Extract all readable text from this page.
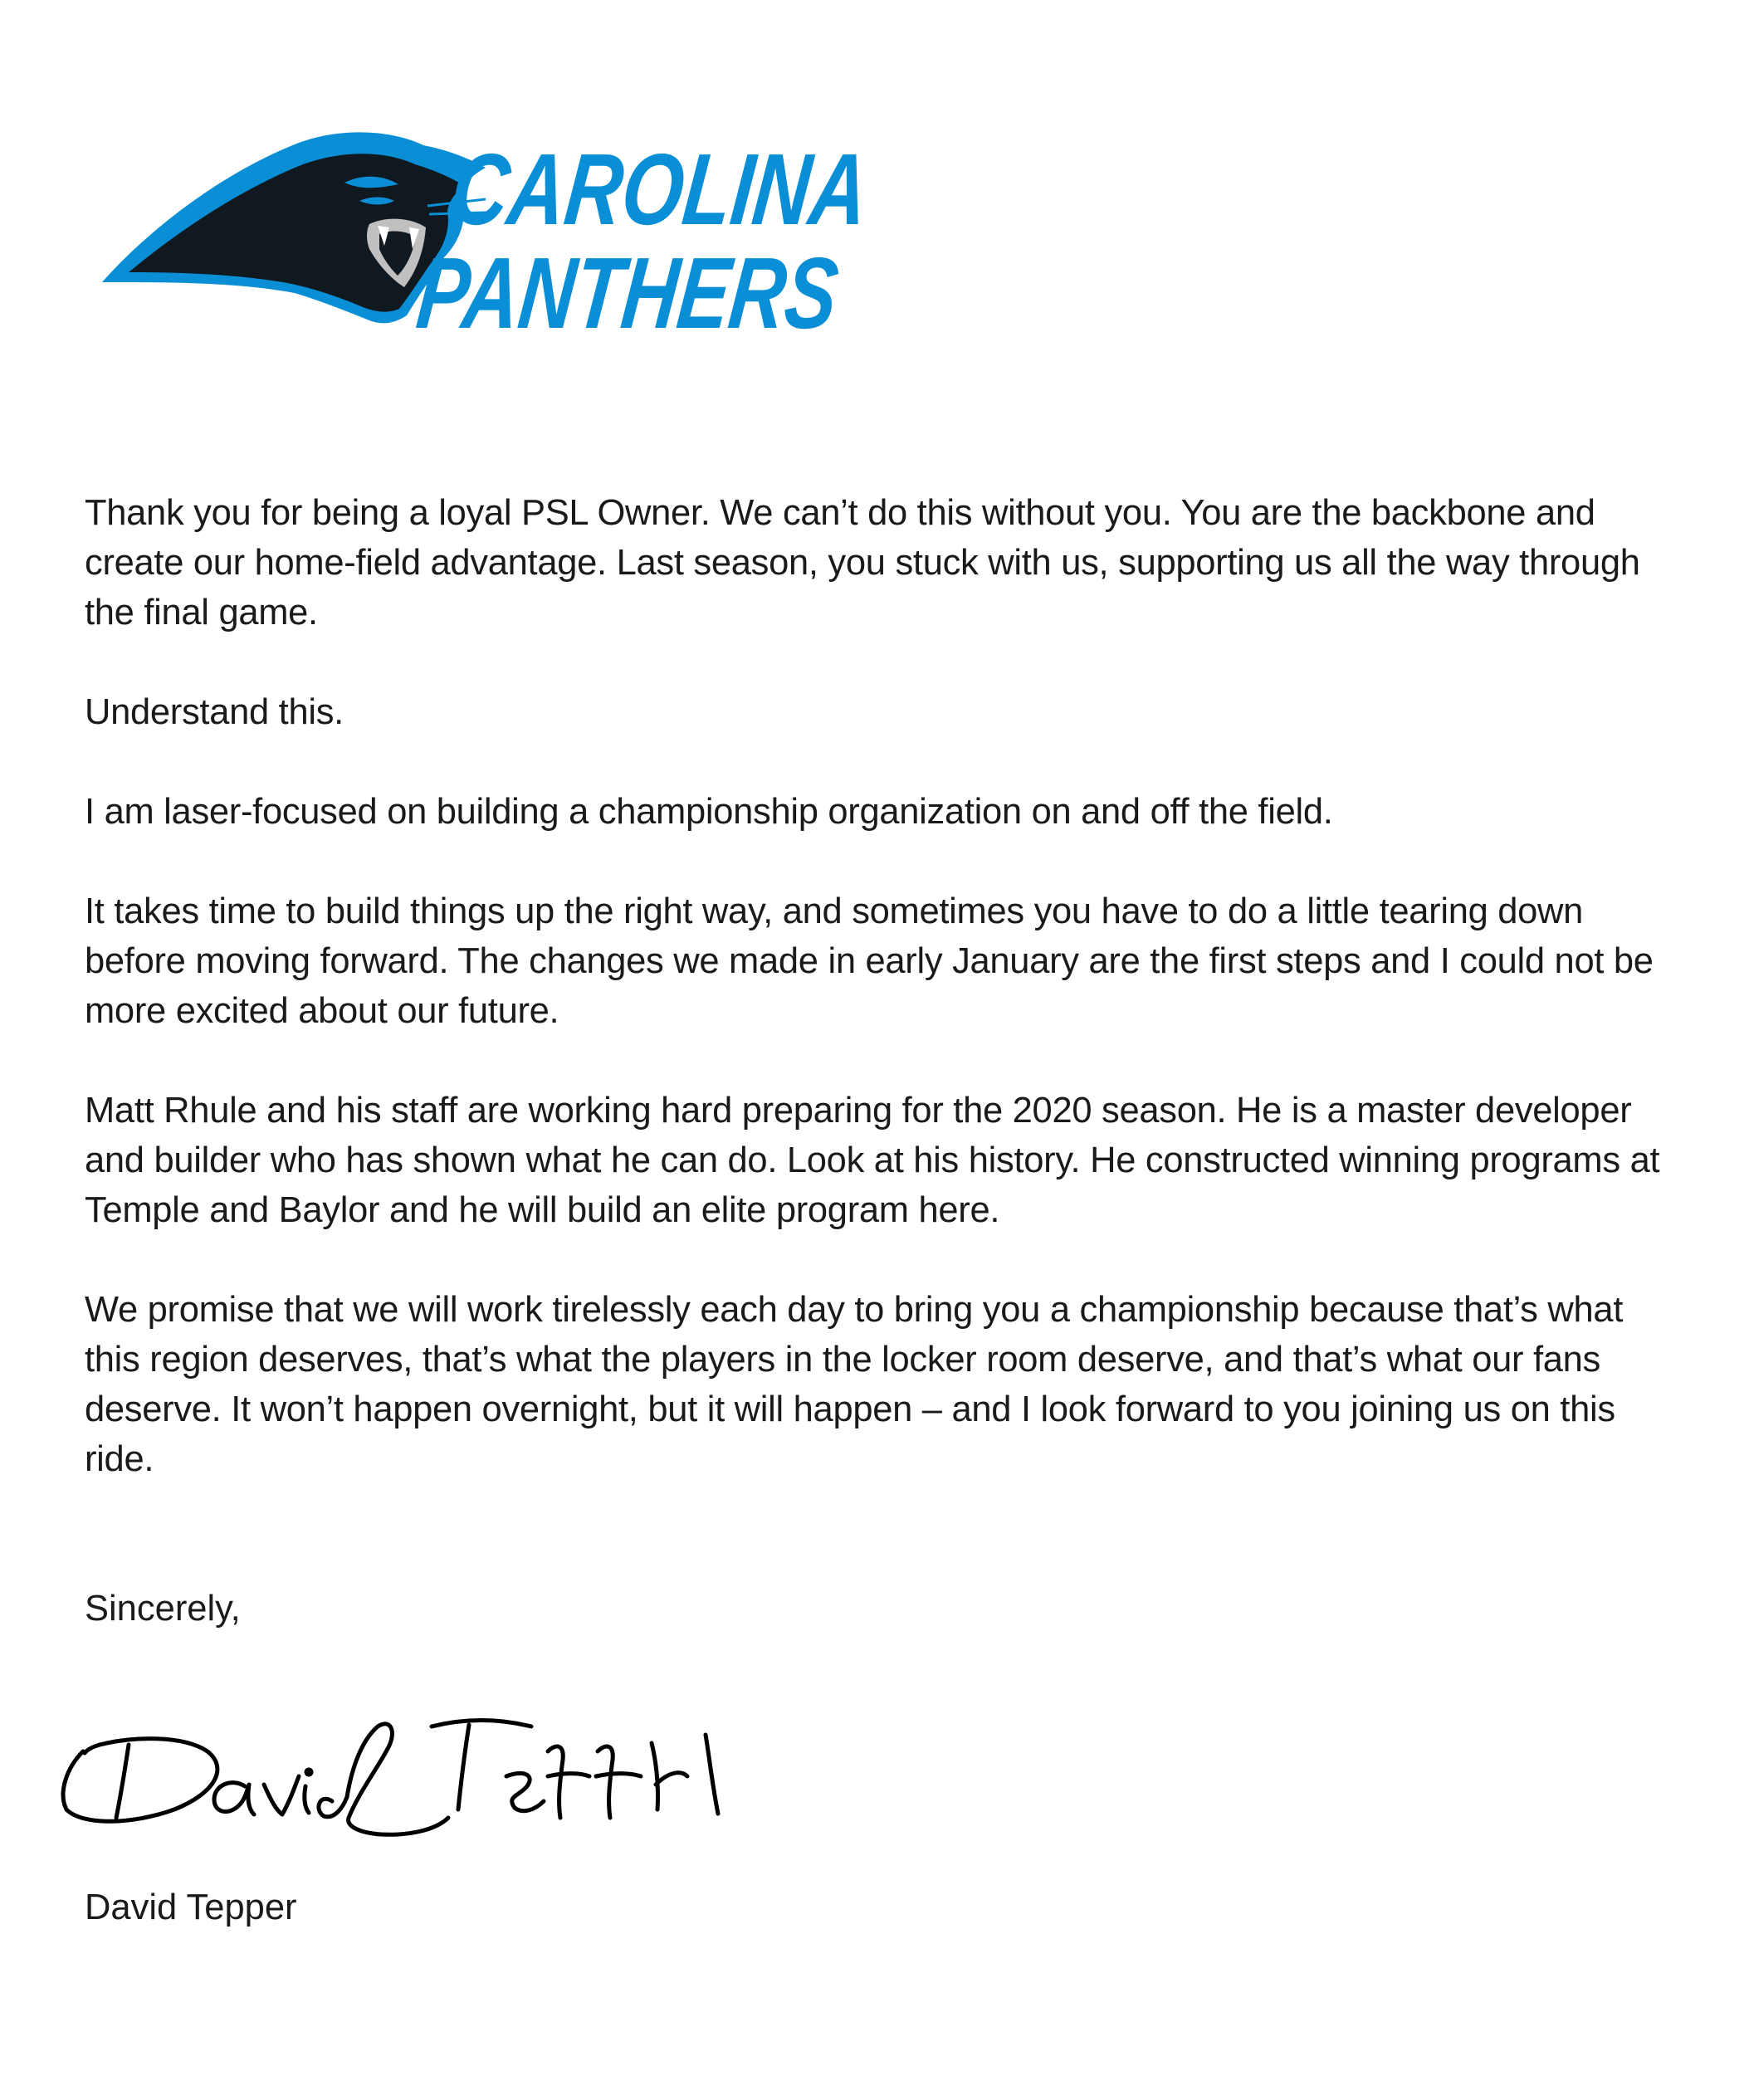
CAROLINA
PANTHERS

Thank you for being a loyal PSL Owner. We can’t do this without you. You are the backbone and create our home-field advantage. Last season, you stuck with us, supporting us all the way through the final game.

Understand this.

I am laser-focused on building a championship organization on and off the field.

It takes time to build things up the right way, and sometimes you have to do a little tearing down before moving forward. The changes we made in early January are the first steps and I could not be more excited about our future.

Matt Rhule and his staff are working hard preparing for the 2020 season. He is a master developer and builder who has shown what he can do. Look at his history. He constructed winning programs at Temple and Baylor and he will build an elite program here.

We promise that we will work tirelessly each day to bring you a championship because that’s what this region deserves, that’s what the players in the locker room deserve, and that’s what our fans deserve. It won’t happen overnight, but it will happen – and I look forward to you joining us on this ride.

Sincerely,

David Tepper
